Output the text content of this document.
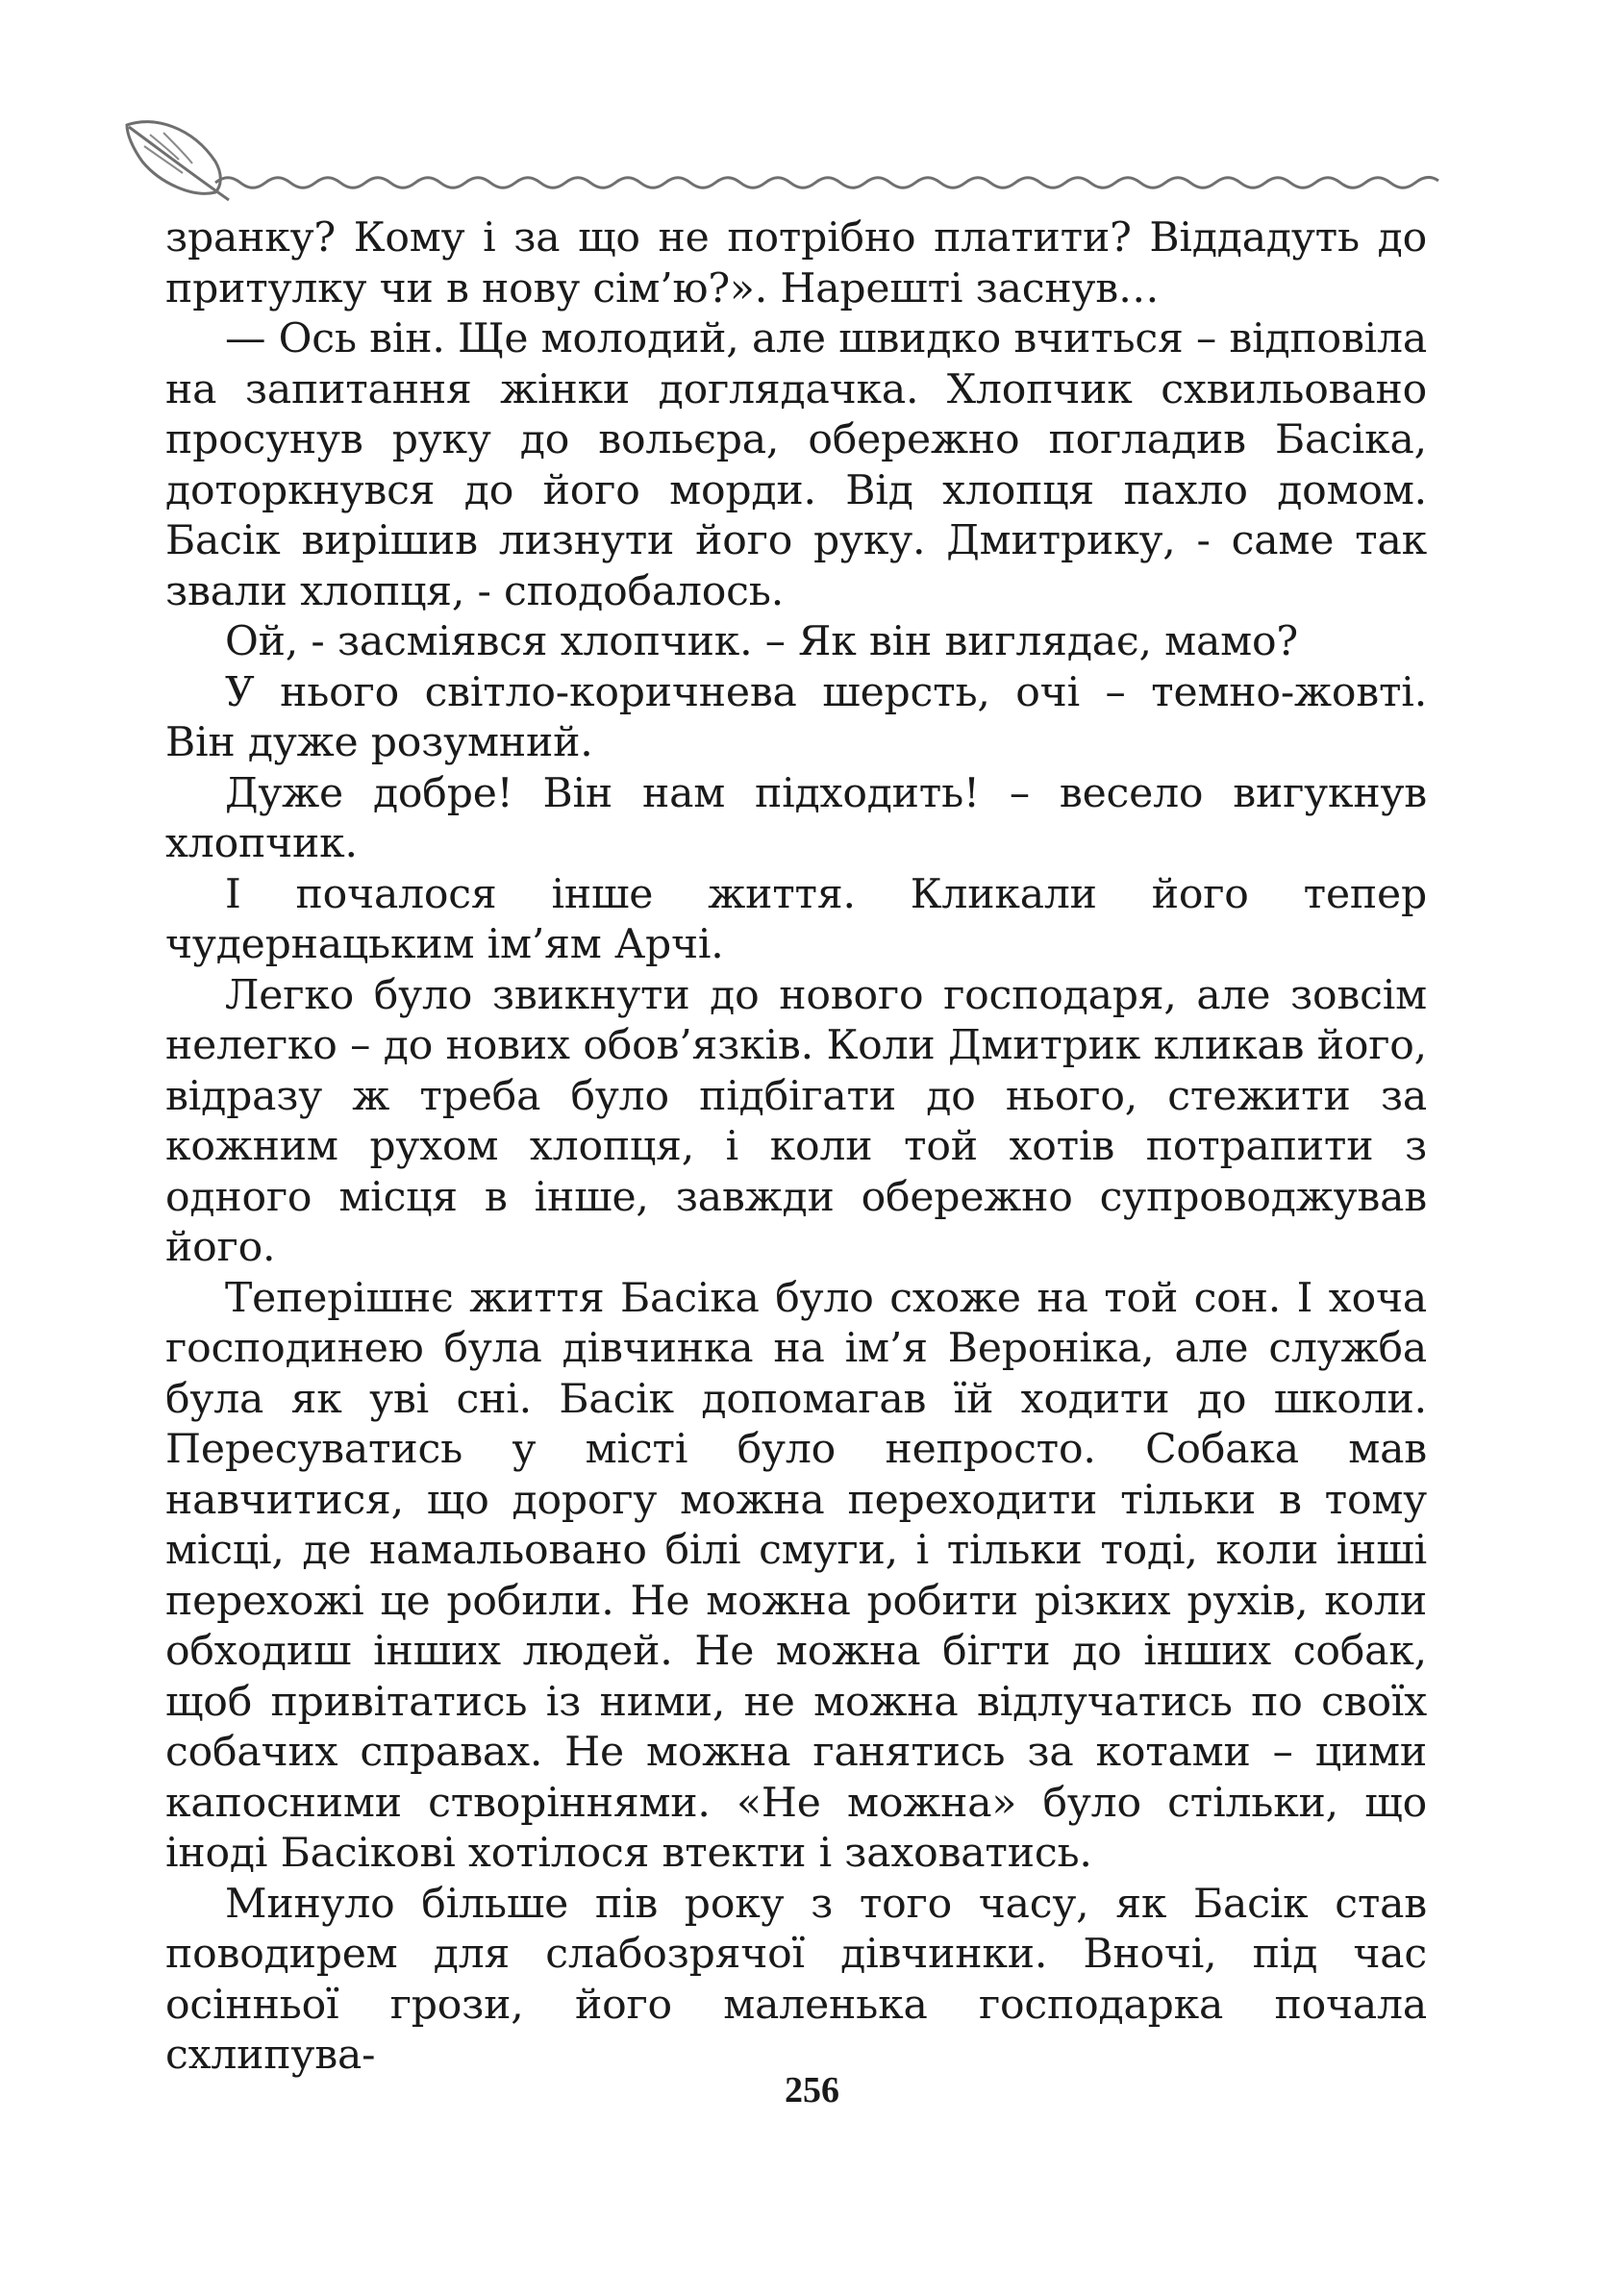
зранку? Кому і за що не потрібно платити? Віддадуть до притулку чи в нову сім’ю?». Нарешті заснув…

— Ось він. Ще молодий, але швидко вчиться – відповіла на запитання жінки доглядачка. Хлопчик схвильовано просунув руку до вольєра, обережно погладив Басіка, доторкнувся до його морди. Від хлопця пахло домом. Басік вирішив лизнути його руку. Дмитрику, - саме так звали хлопця, - сподобалось.

Ой, - засміявся хлопчик. – Як він виглядає, мамо?

У нього світло-коричнева шерсть, очі – темно-жовті. Він дуже розумний.

Дуже добре! Він нам підходить! – весело вигукнув хлопчик.

І почалося інше життя. Кликали його тепер чудернацьким ім’ям Арчі.

Легко було звикнути до нового господаря, але зовсім нелегко – до нових обов’язків. Коли Дмитрик кликав його, відразу ж треба було підбігати до нього, стежити за кожним рухом хлопця, і коли той хотів потрапити з одного місця в інше, завжди обережно супроводжував його.

Теперішнє життя Басіка було схоже на той сон. І хоча господинею була дівчинка на ім’я Вероніка, але служба була як уві сні. Басік допомагав їй ходити до школи. Пересуватись у місті було непросто. Собака мав навчитися, що дорогу можна переходити тільки в тому місці, де намальовано білі смуги, і тільки тоді, коли інші перехожі це робили. Не можна робити різких рухів, коли обходиш інших людей. Не можна бігти до інших собак, щоб привітатись із ними, не можна відлучатись по своїх собачих справах. Не можна ганятись за котами – цими капосними створіннями. «Не можна» було стільки, що іноді Басікові хотілося втекти і заховатись.

Минуло більше пів року з того часу, як Басік став поводирем для слабозрячої дівчинки. Вночі, під час осінньої грози, його маленька господарка почала схлипува-

256
